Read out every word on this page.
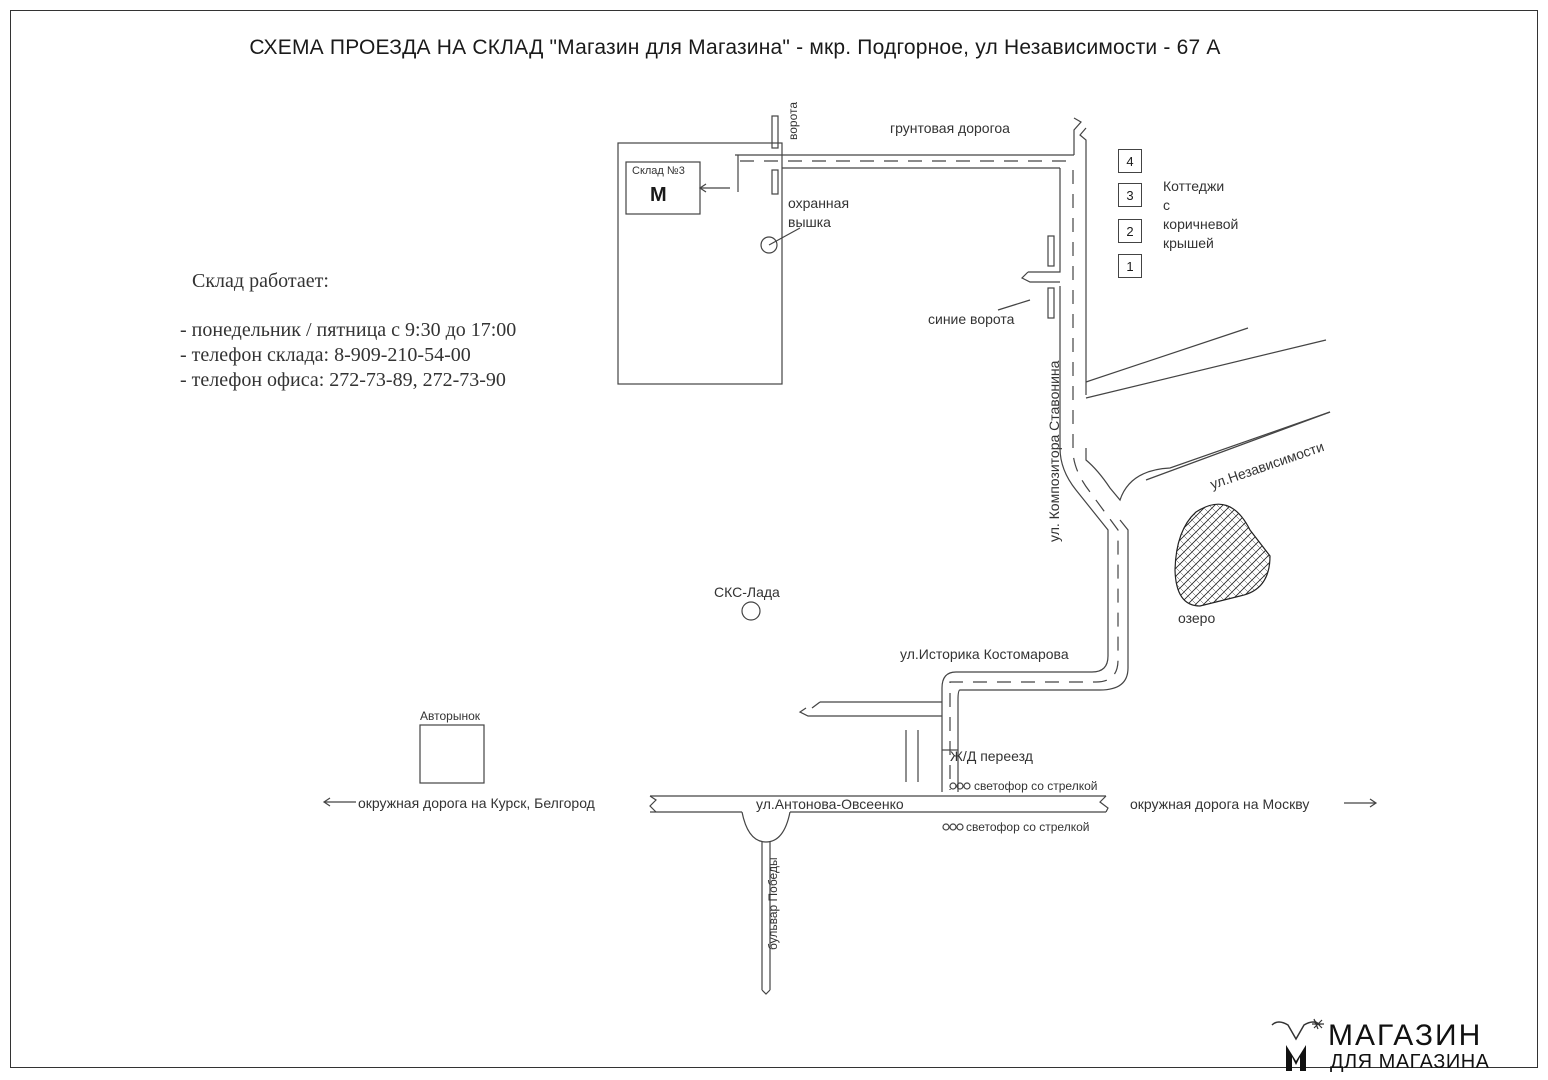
СХЕМА ПРОЕЗДА НА СКЛАД "Магазин для Магазина" - мкр. Подгорное, ул Независимости - 67 А
Склад работает:
- понедельник / пятница с 9:30 до 17:00
- телефон склада: 8-909-210-54-00
- телефон офиса: 272-73-89, 272-73-90
ворота	грунтовая дорогоа
Склад №3
M	охранная
вышка
синие ворота
4
3
2
1
Коттеджи
с
коричневой
крышей
ул. Композитора Ставонина	ул.Независимости
озеро
СКС-Лада
ул.Историка Костомарова
Авторынок
Ж/Д переезд
светофор со стрелкой
светофор со стрелкой
окружная дорога на Курск, Белгород	ул.Антонова-Овсеенко	окружная дорога на Москву
бульвар Победы
МАГАЗИН
ДЛЯ МАГАЗИНА
